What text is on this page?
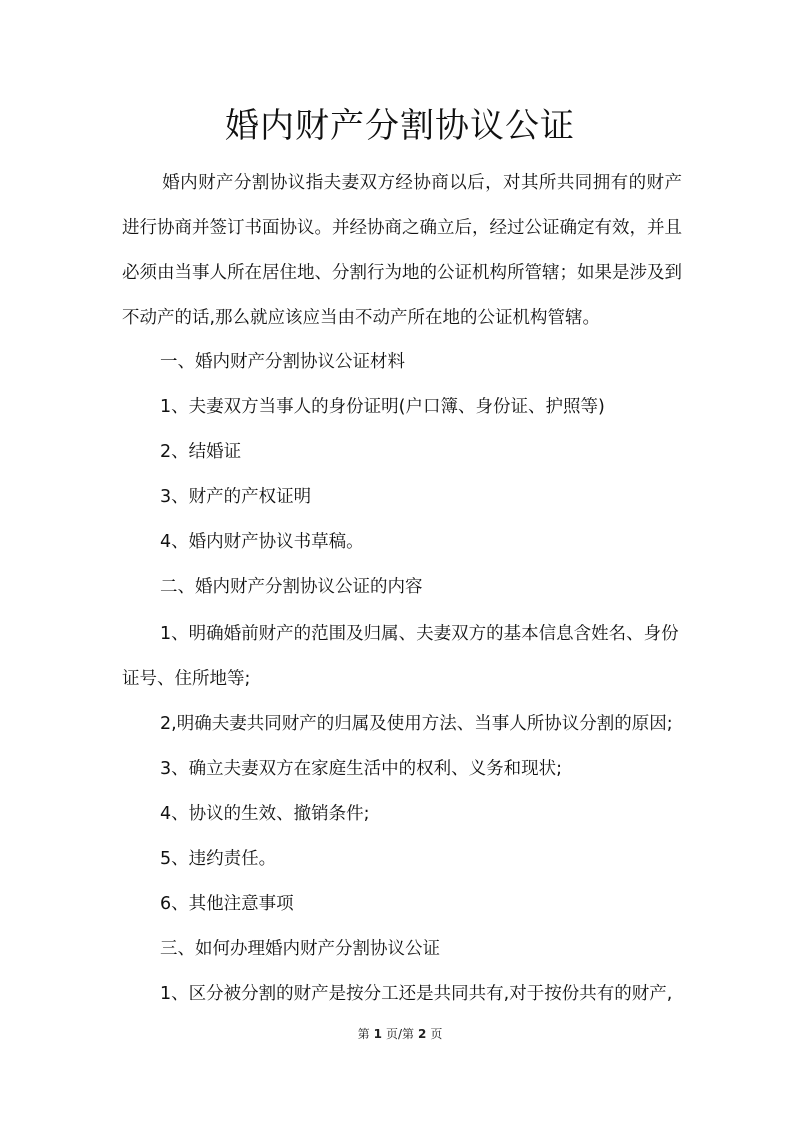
婚内财产分割协议公证

婚内财产分割协议指夫妻双方经协商以后，对其所共同拥有的财产进行协商并签订书面协议。并经协商之确立后，经过公证确定有效，并且必须由当事人所在居住地、分割行为地的公证机构所管辖；如果是涉及到不动产的话,那么就应该应当由不动产所在地的公证机构管辖。

一、婚内财产分割协议公证材料

1、夫妻双方当事人的身份证明(户口簿、身份证、护照等)

2、结婚证

3、财产的产权证明

4、婚内财产协议书草稿。

二、婚内财产分割协议公证的内容

1、明确婚前财产的范围及归属、夫妻双方的基本信息含姓名、身份

证号、住所地等;

2,明确夫妻共同财产的归属及使用方法、当事人所协议分割的原因;

3、确立夫妻双方在家庭生活中的权利、义务和现状;

4、协议的生效、撤销条件;

5、违约责任。

6、其他注意事项

三、如何办理婚内财产分割协议公证

1、区分被分割的财产是按分工还是共同共有,对于按份共有的财产,

第 1 页/第 2 页
